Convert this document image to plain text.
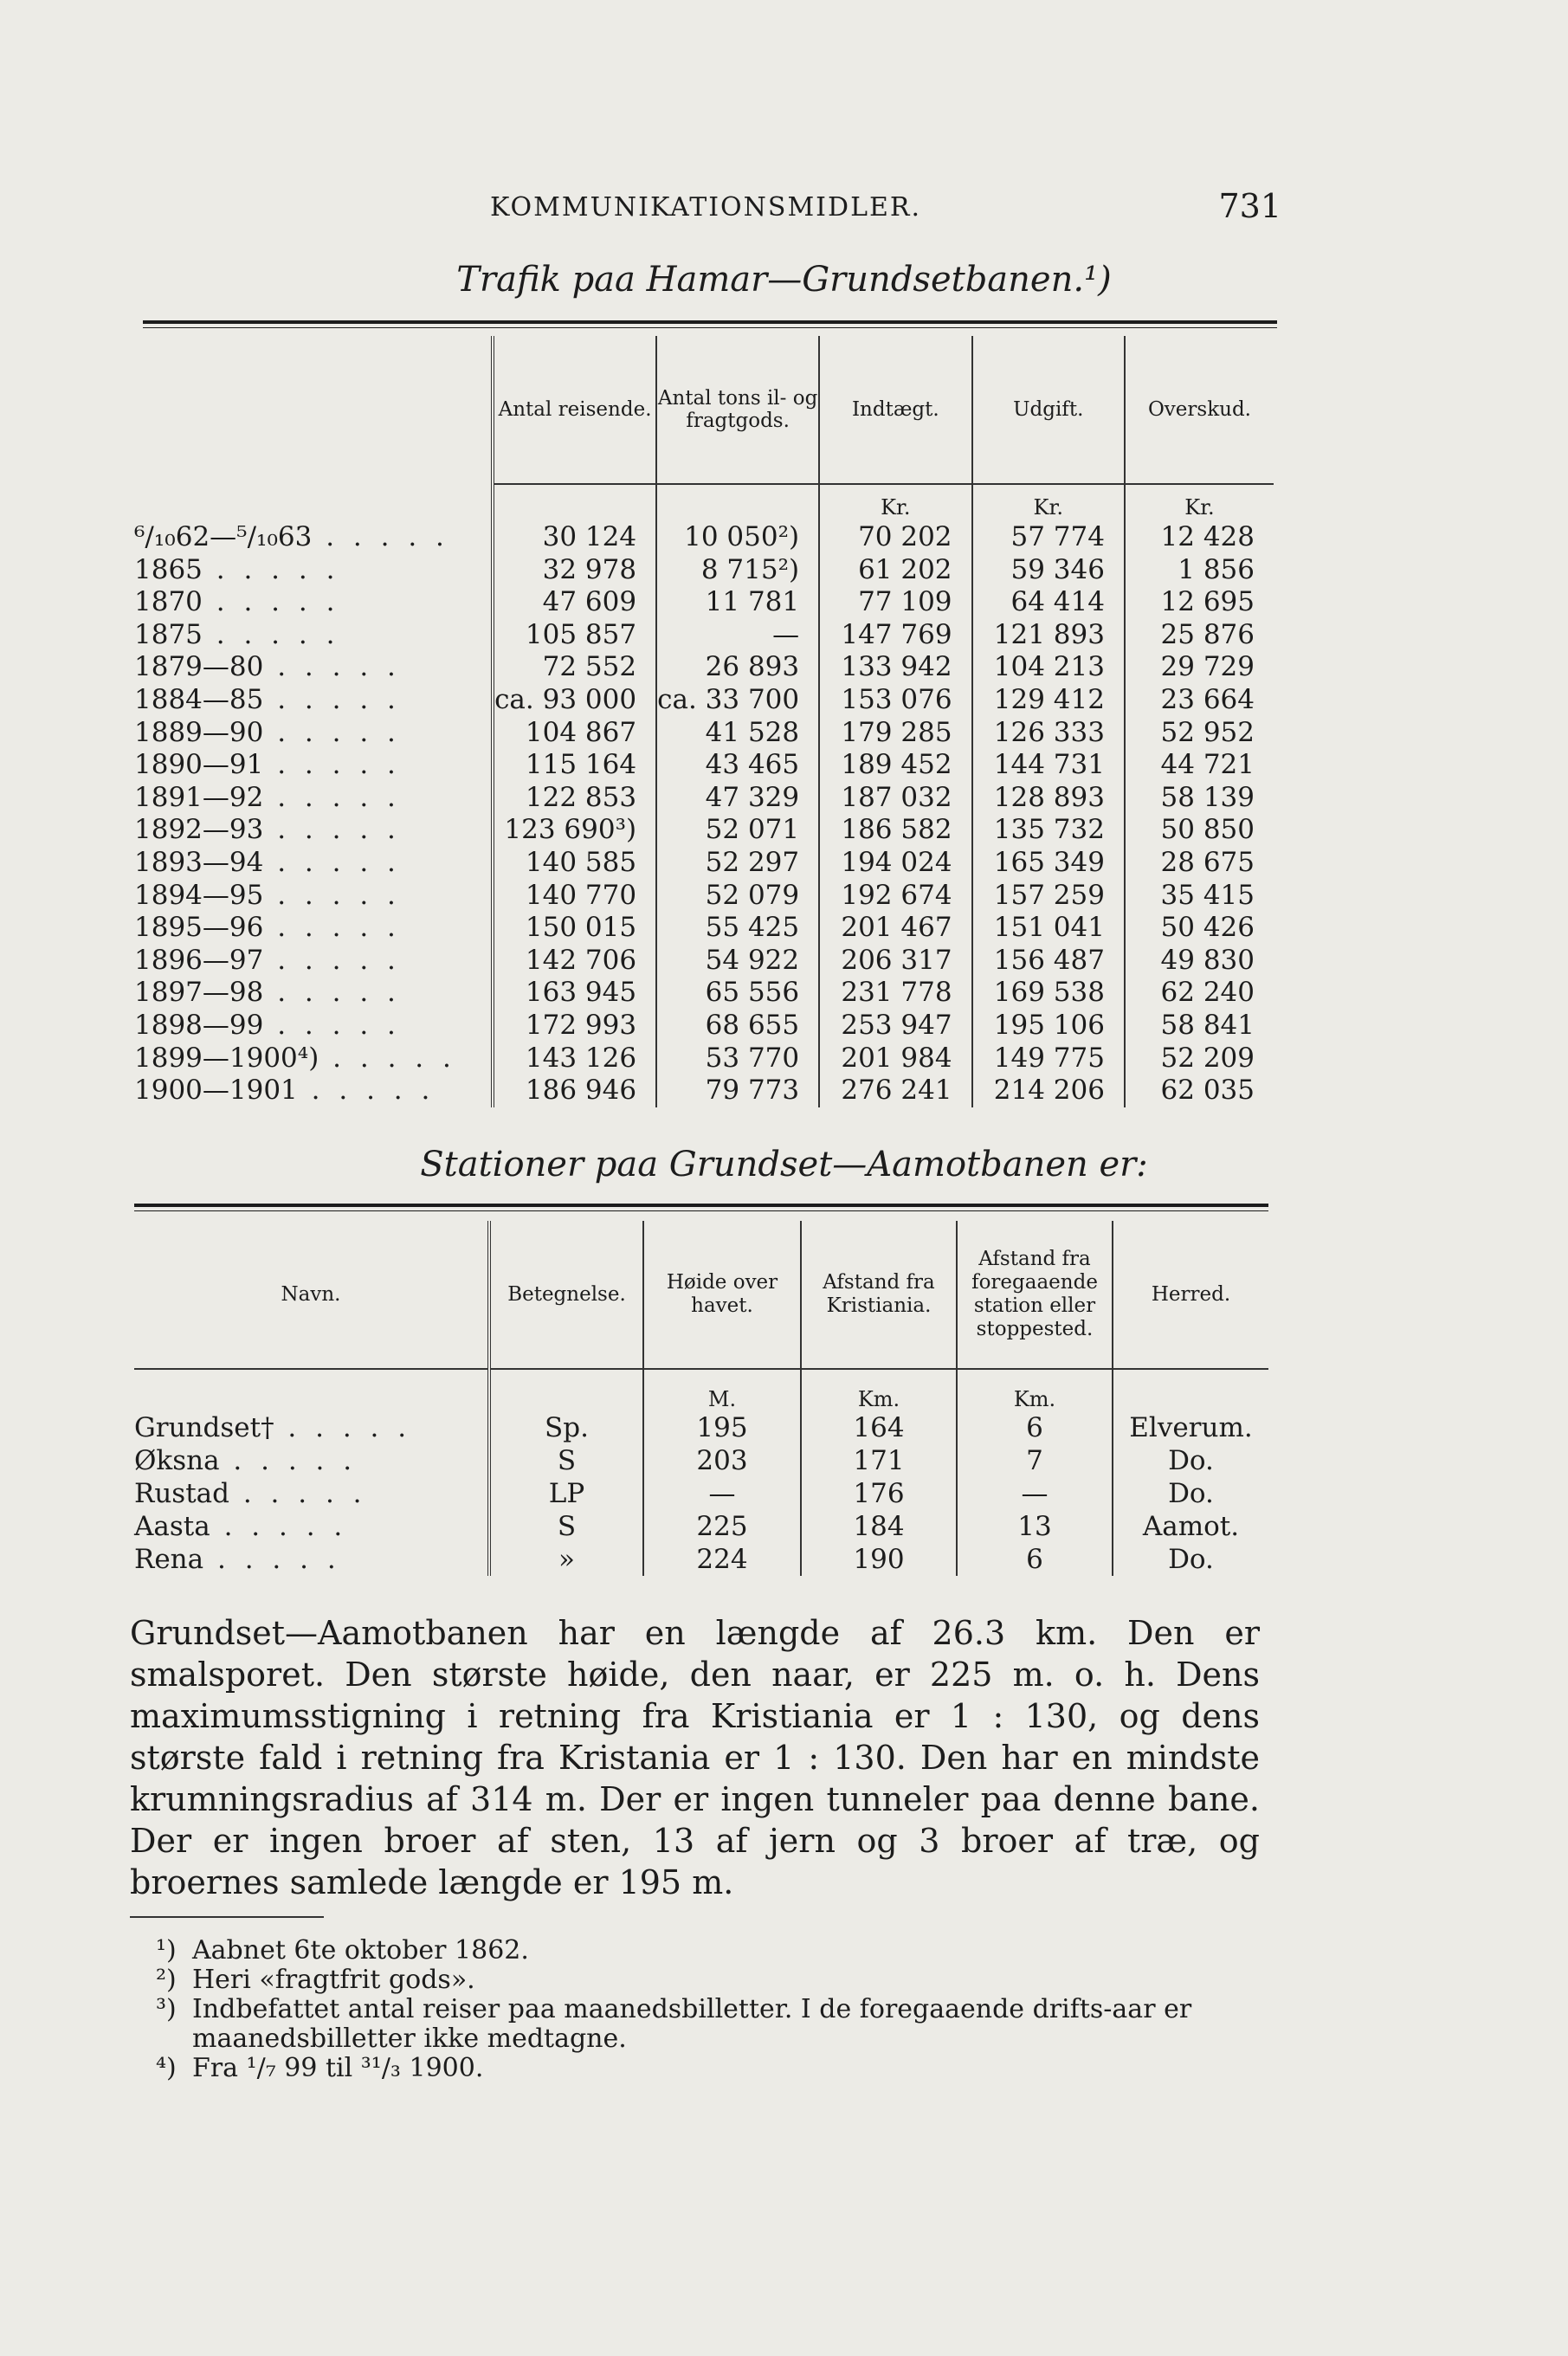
KOMMUNIKATIONSMIDLER.	731
Trafik paa Hamar—Grundsetbanen.¹)
	Antal reisende.	Antal tons il- og fragtgods.	Indtægt.	Udgift.	Overskud.
			Kr.	Kr.	Kr.
⁶/₁₀62—⁵/₁₀63 . . . . .	30 124	10 050²)	70 202	57 774	12 428
1865 . . . . .	32 978	8 715²)	61 202	59 346	1 856
1870 . . . . .	47 609	11 781	77 109	64 414	12 695
1875 . . . . .	105 857	—	147 769	121 893	25 876
1879—80 . . . . .	72 552	26 893	133 942	104 213	29 729
1884—85 . . . . .	ca. 93 000	ca. 33 700	153 076	129 412	23 664
1889—90 . . . . .	104 867	41 528	179 285	126 333	52 952
1890—91 . . . . .	115 164	43 465	189 452	144 731	44 721
1891—92 . . . . .	122 853	47 329	187 032	128 893	58 139
1892—93 . . . . .	123 690³)	52 071	186 582	135 732	50 850
1893—94 . . . . .	140 585	52 297	194 024	165 349	28 675
1894—95 . . . . .	140 770	52 079	192 674	157 259	35 415
1895—96 . . . . .	150 015	55 425	201 467	151 041	50 426
1896—97 . . . . .	142 706	54 922	206 317	156 487	49 830
1897—98 . . . . .	163 945	65 556	231 778	169 538	62 240
1898—99 . . . . .	172 993	68 655	253 947	195 106	58 841
1899—1900⁴) . . . . .	143 126	53 770	201 984	149 775	52 209
1900—1901 . . . . .	186 946	79 773	276 241	214 206	62 035
Stationer paa Grundset—Aamotbanen er:
Navn.	Betegnelse.	Høide over havet.	Afstand fra Kristiania.	Afstand fra foregaaende station eller stoppested.	Herred.
		M.	Km.	Km.	
Grundset† . . . . .	Sp.	195	164	6	Elverum.
Øksna . . . . .	S	203	171	7	Do.
Rustad . . . . .	LP	—	176	—	Do.
Aasta . . . . .	S	225	184	13	Aamot.
Rena . . . . .	»	224	190	6	Do.
Grundset—Aamotbanen har en længde af 26.3 km. Den er smalsporet. Den største høide, den naar, er 225 m. o. h. Dens maximumsstigning i retning fra Kristiania er 1 : 130, og dens største fald i retning fra Kristania er 1 : 130. Den har en mindste krumningsradius af 314 m. Der er ingen tunneler paa denne bane. Der er ingen broer af sten, 13 af jern og 3 broer af træ, og broernes samlede længde er 195 m.
¹) Aabnet 6te oktober 1862.
²) Heri «fragtfrit gods».
³) Indbefattet antal reiser paa maanedsbilletter. I de foregaaende drifts-aar er maanedsbilletter ikke medtagne.
⁴) Fra ¹/₇ 99 til ³¹/₃ 1900.
